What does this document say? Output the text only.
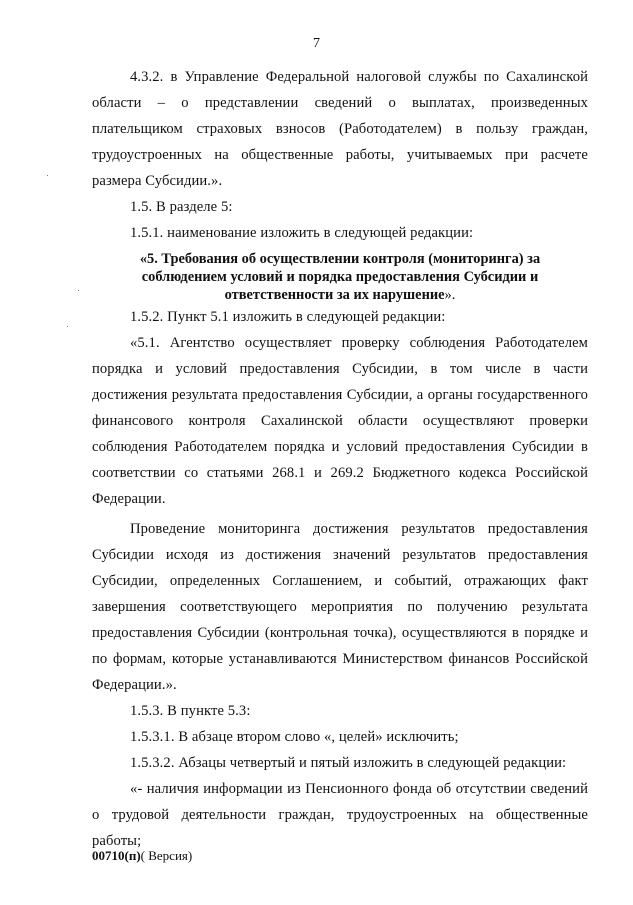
7

4.3.2. в Управление Федеральной налоговой службы по Сахалинской области – о представлении сведений о выплатах, произведенных плательщиком страховых взносов (Работодателем) в пользу граждан, трудоустроенных на общественные работы, учитываемых при расчете размера Субсидии.».

1.5. В разделе 5:

1.5.1. наименование изложить в следующей редакции:

«5. Требования об осуществлении контроля (мониторинга) за соблюдением условий и порядка предоставления Субсидии и ответственности за их нарушение».

1.5.2. Пункт 5.1 изложить в следующей редакции:

«5.1. Агентство осуществляет проверку соблюдения Работодателем порядка и условий предоставления Субсидии, в том числе в части достижения результата предоставления Субсидии, а органы государственного финансового контроля Сахалинской области осуществляют проверки соблюдения Работодателем порядка и условий предоставления Субсидии в соответствии со статьями 268.1 и 269.2 Бюджетного кодекса Российской Федерации.

Проведение мониторинга достижения результатов предоставления Субсидии исходя из достижения значений результатов предоставления Субсидии, определенных Соглашением, и событий, отражающих факт завершения соответствующего мероприятия по получению результата предоставления Субсидии (контрольная точка), осуществляются в порядке и по формам, которые устанавливаются Министерством финансов Российской Федерации.».

1.5.3. В пункте 5.3:

1.5.3.1. В абзаце втором слово «, целей» исключить;

1.5.3.2. Абзацы четвертый и пятый изложить в следующей редакции:

«- наличия информации из Пенсионного фонда об отсутствии сведений о трудовой деятельности граждан, трудоустроенных на общественные работы;

00710(п)( Версия)
